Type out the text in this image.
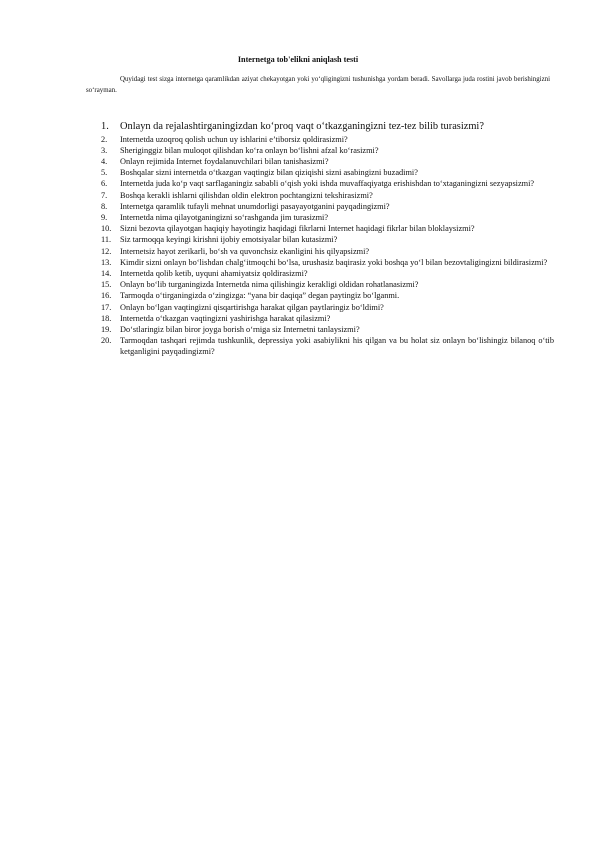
Internetga tob'elikni aniqlash testi

Quyidagi test sizga internetga qaramlikdan aziyat chekayotgan yoki yo‘qligingizni tushunishga yordam beradi. Savollarga juda rostini javob berishingizni so‘rayman.

1. Onlayn da rejalashtirganingizdan ko‘proq vaqt o‘tkazganingizni tez-tez bilib turasizmi?
2. Internetda uzoqroq qolish uchun uy ishlarini e’tiborsiz qoldirasizmi?
3. Sheriginggiz bilan muloqot qilishdan ko‘ra onlayn bo‘lishni afzal ko‘rasizmi?
4. Onlayn rejimida Internet foydalanuvchilari bilan tanishasizmi?
5. Boshqalar sizni internetda o‘tkazgan vaqtingiz bilan qiziqishi sizni asabingizni buzadimi?
6. Internetda juda ko‘p vaqt sarflaganingiz sababli o‘qish yoki ishda muvaffaqiyatga erishishdan to‘xtaganingizni sezyapsizmi?
7. Boshqa kerakli ishlarni qilishdan oldin elektron pochtangizni tekshirasizmi?
8. Internetga qaramlik tufayli mehnat unumdorligi pasayayotganini payqadingizmi?
9. Internetda nima qilayotganingizni so‘rashganda jim turasizmi?
10. Sizni bezovta qilayotgan haqiqiy hayotingiz haqidagi fikrlarni Internet haqidagi fikrlar bilan bloklaysizmi?
11. Siz tarmoqqa keyingi kirishni ijobiy emotsiyalar bilan kutasizmi?
12. Internetsiz hayot zerikarli, bo‘sh va quvonchsiz ekanligini his qilyapsizmi?
13. Kimdir sizni onlayn bo‘lishdan chalg‘itmoqchi bo‘lsa, urushasiz baqirasiz yoki boshqa yo‘l bilan bezovtaligingizni bildirasizmi?
14. Internetda qolib ketib, uyquni ahamiyatsiz qoldirasizmi?
15. Onlayn bo‘lib turganingizda Internetda nima qilishingiz kerakligi oldidan rohatlanasizmi?
16. Tarmoqda o‘tirganingizda o‘zingizga: “yana bir daqiqa” degan paytingiz bo‘lganmi.
17. Onlayn bo‘lgan vaqtingizni qisqartirishga harakat qilgan paytlaringiz bo‘ldimi?
18. Internetda o‘tkazgan vaqtingizni yashirishga harakat qilasizmi?
19. Do‘stlaringiz bilan biror joyga borish o‘rniga siz Internetni tanlaysizmi?
20. Tarmoqdan tashqari rejimda tushkunlik, depressiya yoki asabiylikni his qilgan va bu holat siz onlayn bo‘lishingiz bilanoq o‘tib ketganligini payqadingizmi?
